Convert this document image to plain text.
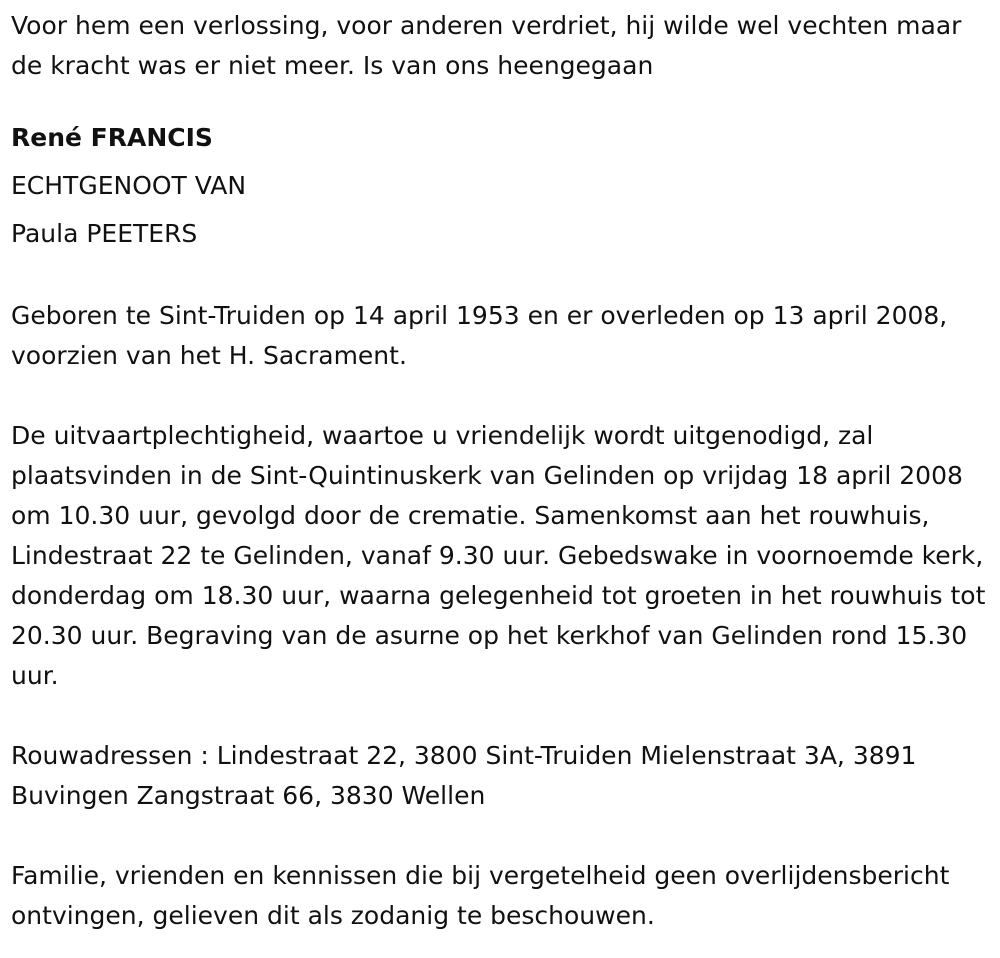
Voor hem een verlossing, voor anderen verdriet, hij wilde wel vechten maar de kracht was er niet meer. Is van ons heengegaan

René FRANCIS

ECHTGENOOT VAN

Paula PEETERS

Geboren te Sint-Truiden op 14 april 1953 en er overleden op 13 april 2008, voorzien van het H. Sacrament.

De uitvaartplechtigheid, waartoe u vriendelijk wordt uitgenodigd, zal plaatsvinden in de Sint-Quintinuskerk van Gelinden op vrijdag 18 april 2008 om 10.30 uur, gevolgd door de crematie. Samenkomst aan het rouwhuis, Lindestraat 22 te Gelinden, vanaf 9.30 uur. Gebedswake in voornoemde kerk, donderdag om 18.30 uur, waarna gelegenheid tot groeten in het rouwhuis tot 20.30 uur. Begraving van de asurne op het kerkhof van Gelinden rond 15.30 uur.

Rouwadressen : Lindestraat 22, 3800 Sint-Truiden Mielenstraat 3A, 3891 Buvingen Zangstraat 66, 3830 Wellen

Familie, vrienden en kennissen die bij vergetelheid geen overlijdensbericht ontvingen, gelieven dit als zodanig te beschouwen.
